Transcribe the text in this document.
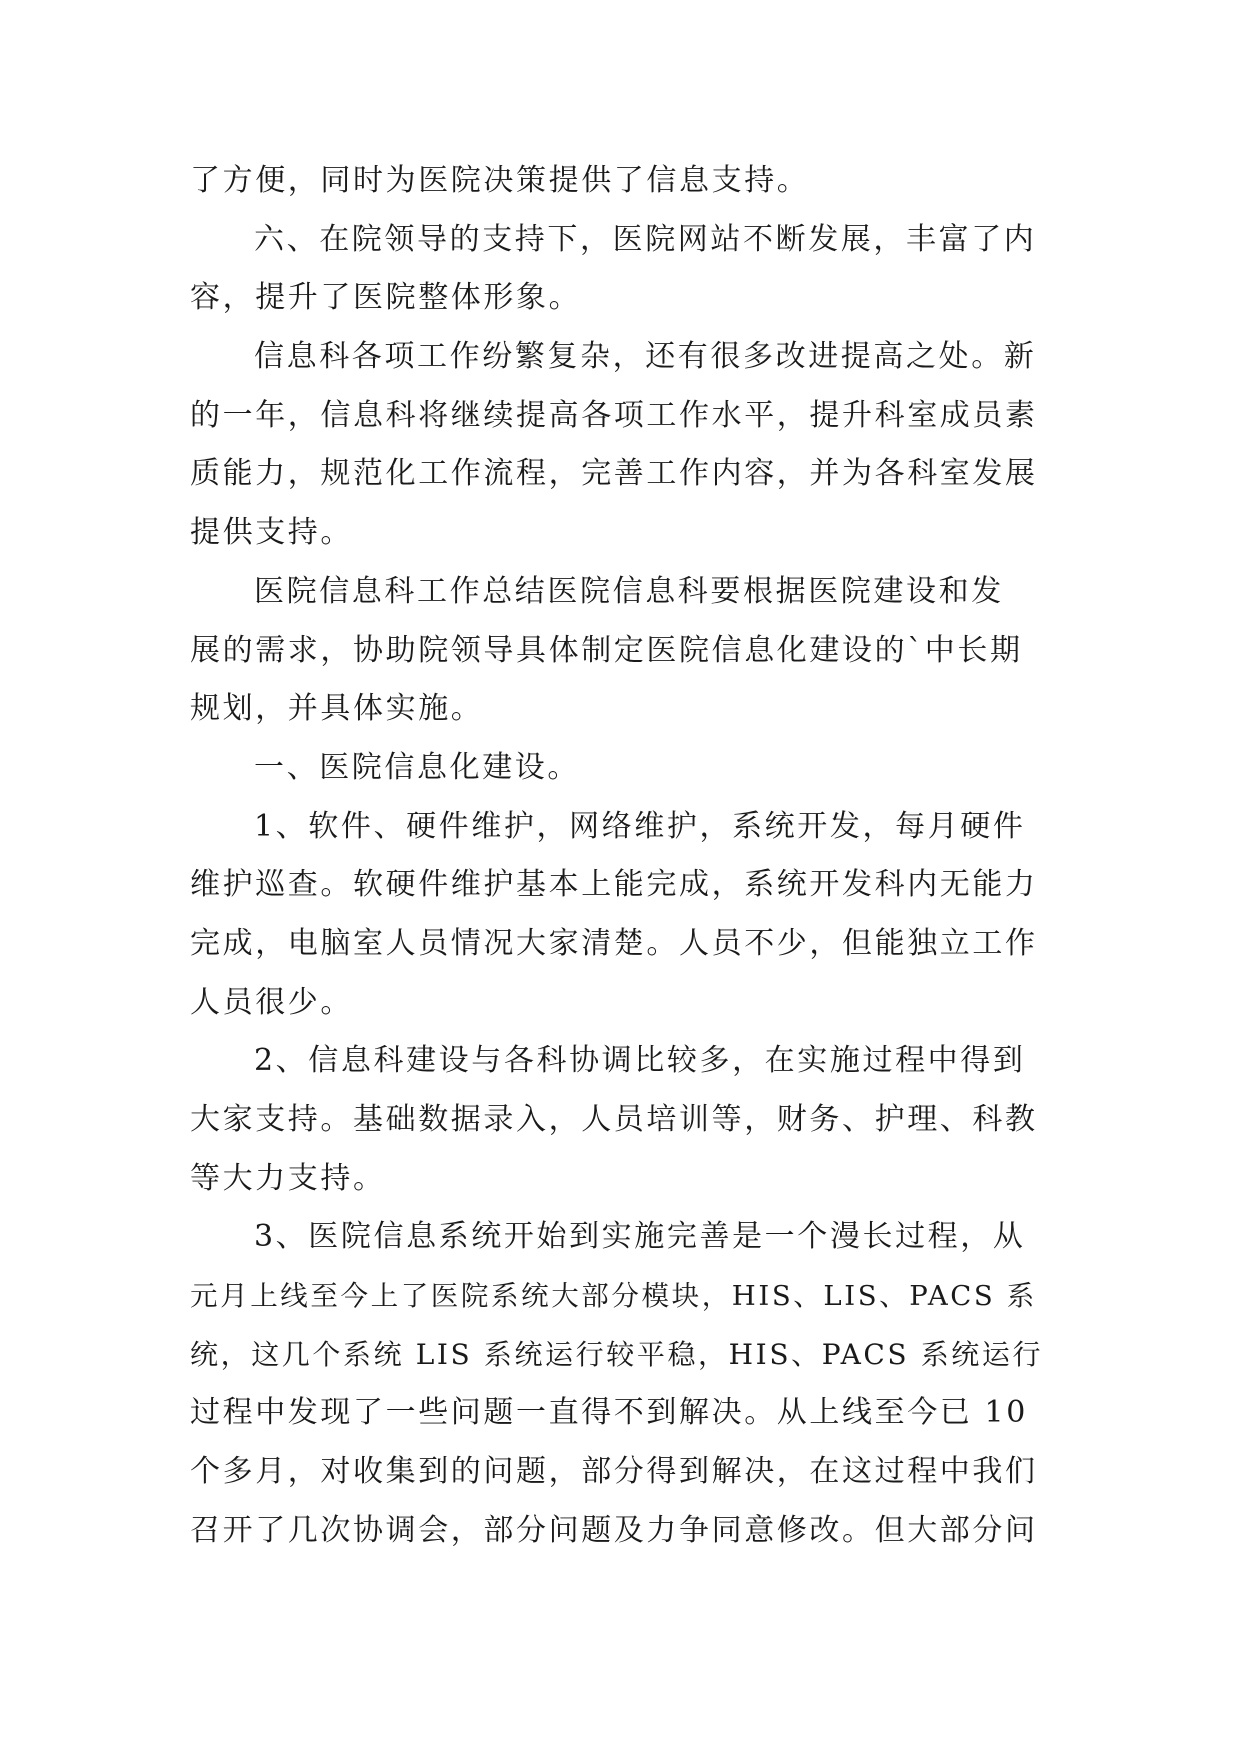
了方便，同时为医院决策提供了信息支持。
六、在院领导的支持下，医院网站不断发展，丰富了内
容，提升了医院整体形象。
信息科各项工作纷繁复杂，还有很多改进提高之处。新
的一年，信息科将继续提高各项工作水平，提升科室成员素
质能力，规范化工作流程，完善工作内容，并为各科室发展
提供支持。
医院信息科工作总结医院信息科要根据医院建设和发
展的需求，协助院领导具体制定医院信息化建设的`中长期
规划，并具体实施。
一、医院信息化建设。
1、软件、硬件维护，网络维护，系统开发，每月硬件
维护巡查。软硬件维护基本上能完成，系统开发科内无能力
完成，电脑室人员情况大家清楚。人员不少，但能独立工作
人员很少。
2、信息科建设与各科协调比较多，在实施过程中得到
大家支持。基础数据录入，人员培训等，财务、护理、科教
等大力支持。
3、医院信息系统开始到实施完善是一个漫长过程，从
元月上线至今上了医院系统大部分模块，HIS、LIS、PACS 系
统，这几个系统 LIS 系统运行较平稳，HIS、PACS 系统运行
过程中发现了一些问题一直得不到解决。从上线至今已 10
个多月，对收集到的问题，部分得到解决，在这过程中我们
召开了几次协调会，部分问题及力争同意修改。但大部分问
